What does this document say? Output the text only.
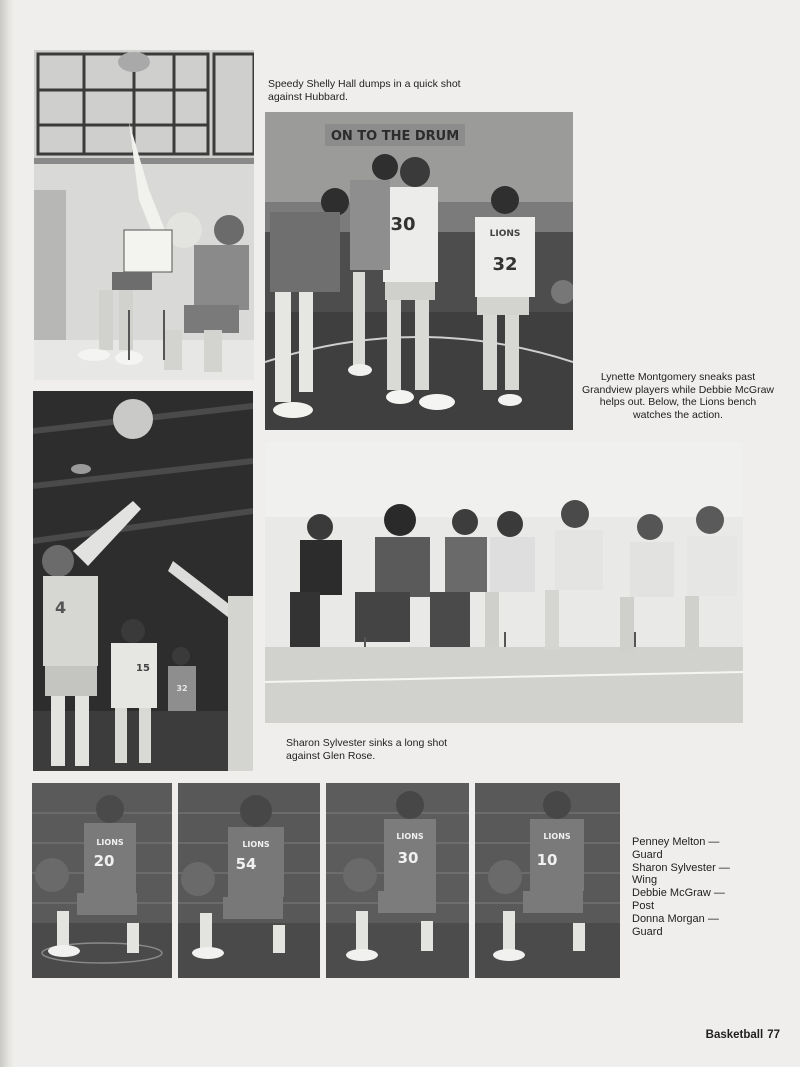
Speedy Shelly Hall dumps in a quick shot against Hubbard.
ON TO THE DRUM
30	LIONS
32
Lynette Montgomery sneaks past Grandview players while Debbie McGraw helps out. Below, the Lions bench watches the action.
4
15
32
Sharon Sylvester sinks a long shot against Glen Rose.
LIONS
20
LIONS
54
LIONS
30
LIONS
10
Penney Melton —
Guard
Sharon Sylvester —
Wing
Debbie McGraw —
Post
Donna Morgan —
Guard
Basketball 77
